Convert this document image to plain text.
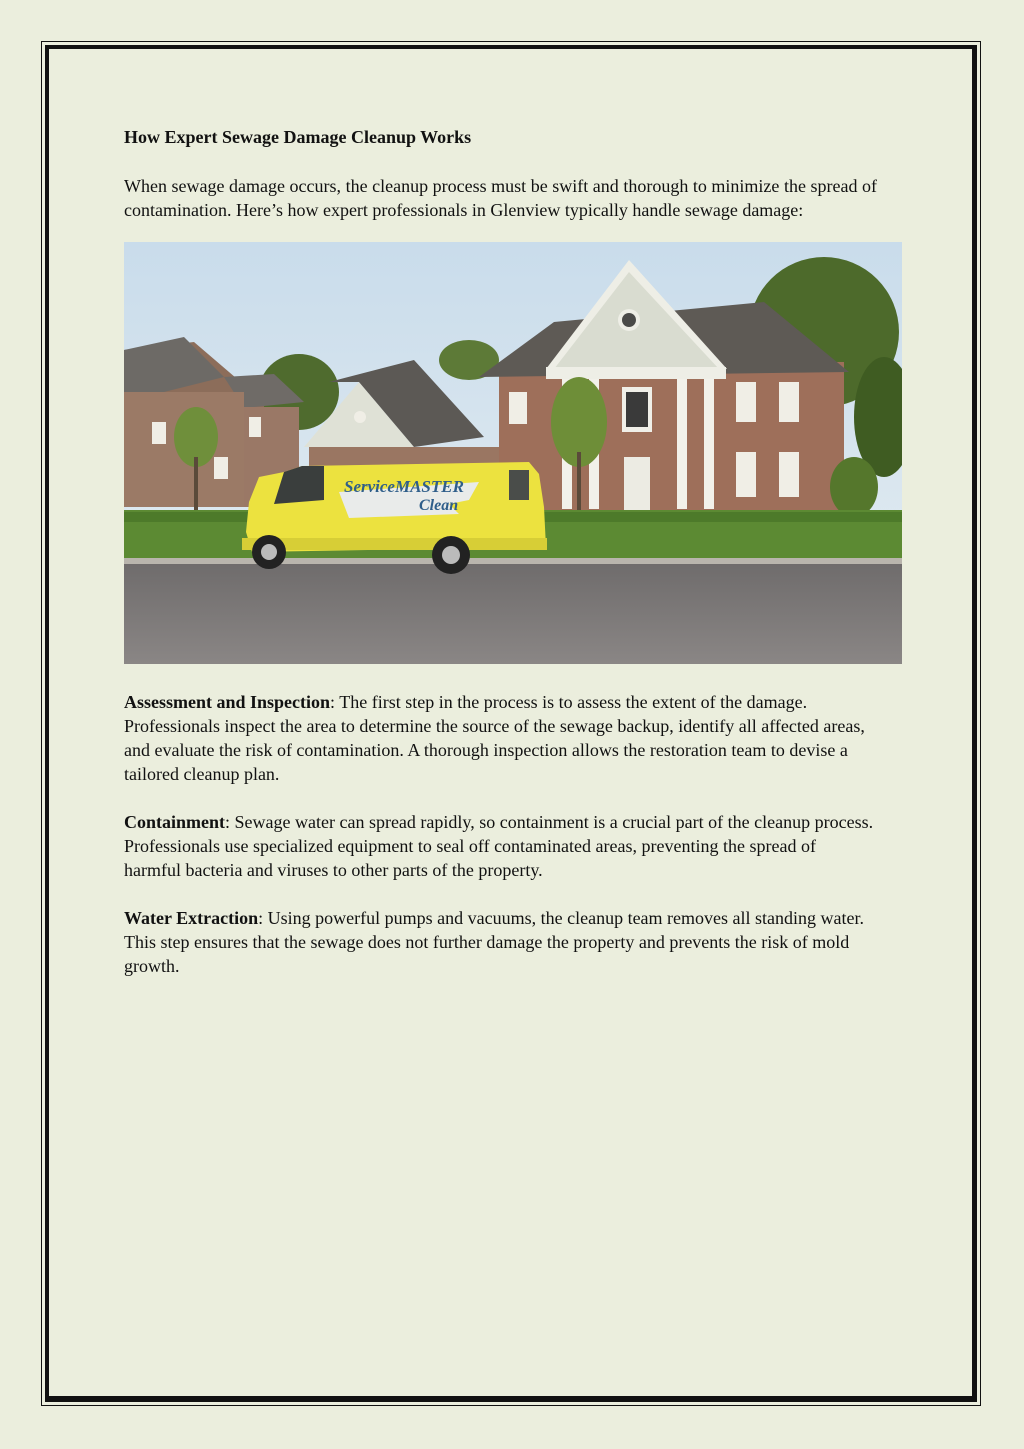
How Expert Sewage Damage Cleanup Works

When sewage damage occurs, the cleanup process must be swift and thorough to minimize the spread of contamination. Here’s how expert professionals in Glenview typically handle sewage damage:

ServiceMASTER
Clean

Assessment and Inspection: The first step in the process is to assess the extent of the damage. Professionals inspect the area to determine the source of the sewage backup, identify all affected areas, and evaluate the risk of contamination. A thorough inspection allows the restoration team to devise a tailored cleanup plan.

Containment: Sewage water can spread rapidly, so containment is a crucial part of the cleanup process. Professionals use specialized equipment to seal off contaminated areas, preventing the spread of harmful bacteria and viruses to other parts of the property.

Water Extraction: Using powerful pumps and vacuums, the cleanup team removes all standing water. This step ensures that the sewage does not further damage the property and prevents the risk of mold growth.
